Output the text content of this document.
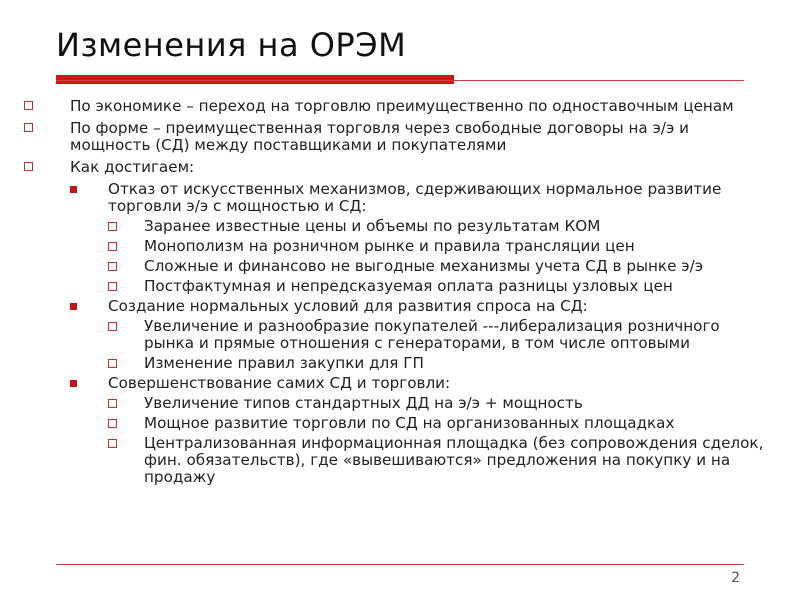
Изменения на ОРЭМ
По экономике – переход на торговлю преимущественно по одноставочным ценам
По форме – преимущественная торговля через свободные договоры на э/э и мощность (СД) между поставщиками и покупателями
Как достигаем:
Отказ от искусственных механизмов, сдерживающих нормальное развитие торговли э/э с мощностью и СД:
Заранее известные цены и объемы по результатам КОМ
Монополизм на розничном рынке и правила трансляции цен
Сложные и финансово не выгодные механизмы учета СД в рынке э/э
Постфактумная и непредсказуемая оплата разницы узловых цен
Создание нормальных условий для развития спроса на СД:
Увеличение и разнообразие покупателей ---либерализация розничного рынка и прямые отношения с генераторами, в том числе оптовыми
Изменение правил закупки для ГП
Совершенствование самих СД и торговли:
Увеличение типов стандартных ДД на э/э + мощность
Мощное развитие торговли по СД на организованных площадках
Централизованная информационная площадка (без сопровождения сделок, фин. обязательств), где «вывешиваются» предложения на покупку и на продажу
2
